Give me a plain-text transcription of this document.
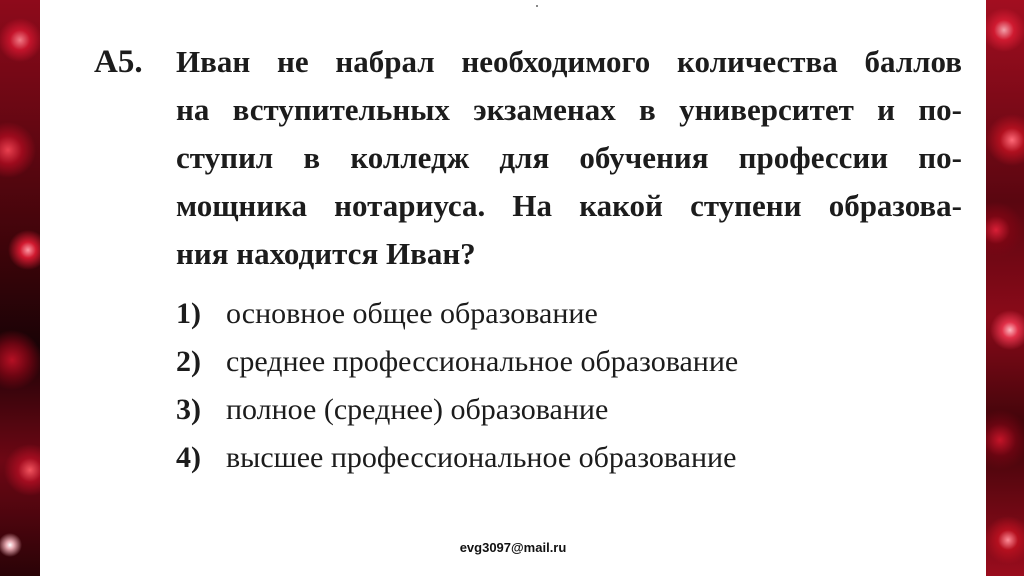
А5. Иван не набрал необходимого количества баллов
на вступительных экзаменах в университет и по-
ступил в колледж для обучения профессии по-
мощника нотариуса. На какой ступени образова-
ния находится Иван?
1) основное общее образование
2) среднее профессиональное образование
3) полное (среднее) образование
4) высшее профессиональное образование
evg3097@mail.ru
